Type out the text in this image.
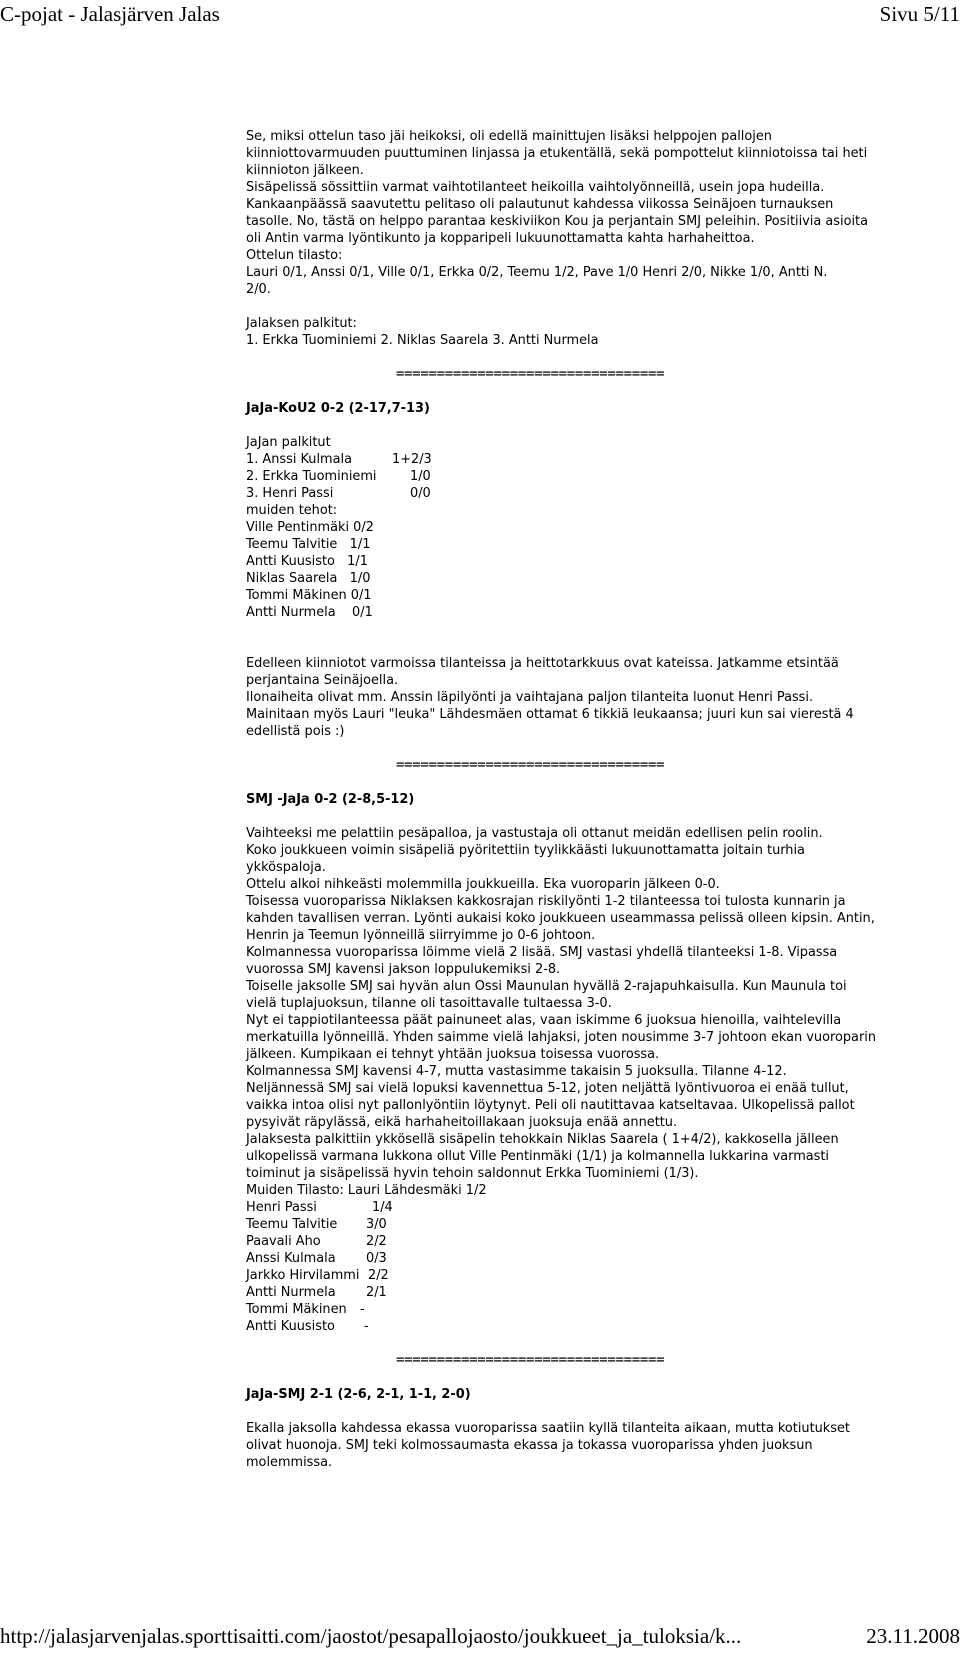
C-pojat - Jalasjärven Jalas	Sivu 5/11

Se, miksi ottelun taso jäi heikoksi, oli edellä mainittujen lisäksi helppojen pallojen

kiinniottovarmuuden puuttuminen linjassa ja etukentällä, sekä pompottelut kiinniotoissa tai heti

kiinnioton jälkeen.

Sisäpelissä sössittiin varmat vaihtotilanteet heikoilla vaihtolyönneillä, usein jopa hudeilla.

Kankaanpäässä saavutettu pelitaso oli palautunut kahdessa viikossa Seinäjoen turnauksen

tasolle. No, tästä on helppo parantaa keskiviikon Kou ja perjantain SMJ peleihin. Positiivia asioita

oli Antin varma lyöntikunto ja kopparipeli lukuunottamatta kahta harhaheittoa.

Ottelun tilasto:

Lauri 0/1, Anssi 0/1, Ville 0/1, Erkka 0/2, Teemu 1/2, Pave 1/0 Henri 2/0, Nikke 1/0, Antti N.

2/0.

Jalaksen palkitut:

1. Erkka Tuominiemi 2. Niklas Saarela 3. Antti Nurmela

=================================

JaJa-KoU2 0-2 (2-17,7-13)

JaJan palkitut

1. Anssi Kulmala	1+2/3
2. Erkka Tuominiemi	1/0
3. Henri Passi	0/0

muiden tehot:

Ville Pentinmäki 0/2

Teemu Talvitie   1/1

Antti Kuusisto   1/1

Niklas Saarela   1/0

Tommi Mäkinen 0/1

Antti Nurmela    0/1

Edelleen kiinniotot varmoissa tilanteissa ja heittotarkkuus ovat kateissa. Jatkamme etsintää

perjantaina Seinäjoella.

Ilonaiheita olivat mm. Anssin läpilyönti ja vaihtajana paljon tilanteita luonut Henri Passi.

Mainitaan myös Lauri "leuka" Lähdesmäen ottamat 6 tikkiä leukaansa; juuri kun sai vierestä 4

edellistä pois :)

=================================

SMJ -JaJa 0-2 (2-8,5-12)

Vaihteeksi me pelattiin pesäpalloa, ja vastustaja oli ottanut meidän edellisen pelin roolin.

Koko joukkueen voimin sisäpeliä pyöritettiin tyylikkäästi lukuunottamatta joitain turhia

ykköspaloja.

Ottelu alkoi nihkeästi molemmilla joukkueilla. Eka vuoroparin jälkeen 0-0.

Toisessa vuoroparissa Niklaksen kakkosrajan riskilyönti 1-2 tilanteessa toi tulosta kunnarin ja

kahden tavallisen verran. Lyönti aukaisi koko joukkueen useammassa pelissä olleen kipsin. Antin,

Henrin ja Teemun lyönneillä siirryimme jo 0-6 johtoon.

Kolmannessa vuoroparissa löimme vielä 2 lisää. SMJ vastasi yhdellä tilanteeksi 1-8. Vipassa

vuorossa SMJ kavensi jakson loppulukemiksi 2-8.

Toiselle jaksolle SMJ sai hyvän alun Ossi Maunulan hyvällä 2-rajapuhkaisulla. Kun Maunula toi

vielä tuplajuoksun, tilanne oli tasoittavalle tultaessa 3-0.

Nyt ei tappiotilanteessa päät painuneet alas, vaan iskimme 6 juoksua hienoilla, vaihtelevilla

merkatuilla lyönneillä. Yhden saimme vielä lahjaksi, joten nousimme 3-7 johtoon ekan vuoroparin

jälkeen. Kumpikaan ei tehnyt yhtään juoksua toisessa vuorossa.

Kolmannessa SMJ kavensi 4-7, mutta vastasimme takaisin 5 juoksulla. Tilanne 4-12.

Neljännessä SMJ sai vielä lopuksi kavennettua 5-12, joten neljättä lyöntivuoroa ei enää tullut,

vaikka intoa olisi nyt pallonlyöntiin löytynyt. Peli oli nautittavaa katseltavaa. Ulkopelissä pallot

pysyivät räpylässä, eikä harhaheitoillakaan juoksuja enää annettu.

Jalaksesta palkittiin ykkösellä sisäpelin tehokkain Niklas Saarela ( 1+4/2), kakkosella jälleen

ulkopelissä varmana lukkona ollut Ville Pentinmäki (1/1) ja kolmannella lukkarina varmasti

toiminut ja sisäpelissä hyvin tehoin saldonnut Erkka Tuominiemi (1/3).

Muiden Tilasto: Lauri Lähdesmäki 1/2

Henri Passi	1/4
Teemu Talvitie	3/0
Paavali Aho	2/2
Anssi Kulmala	0/3
Jarkko Hirvilammi 2/2
Antti Nurmela	2/1
Tommi Mäkinen	-
Antti Kuusisto	-

=================================

JaJa-SMJ 2-1 (2-6, 2-1, 1-1, 2-0)

Ekalla jaksolla kahdessa ekassa vuoroparissa saatiin kyllä tilanteita aikaan, mutta kotiutukset

olivat huonoja. SMJ teki kolmossaumasta ekassa ja tokassa vuoroparissa yhden juoksun

molemmissa.

http://jalasjarvenjalas.sporttisaitti.com/jaostot/pesapallojaosto/joukkueet_ja_tuloksia/k...	23.11.2008
